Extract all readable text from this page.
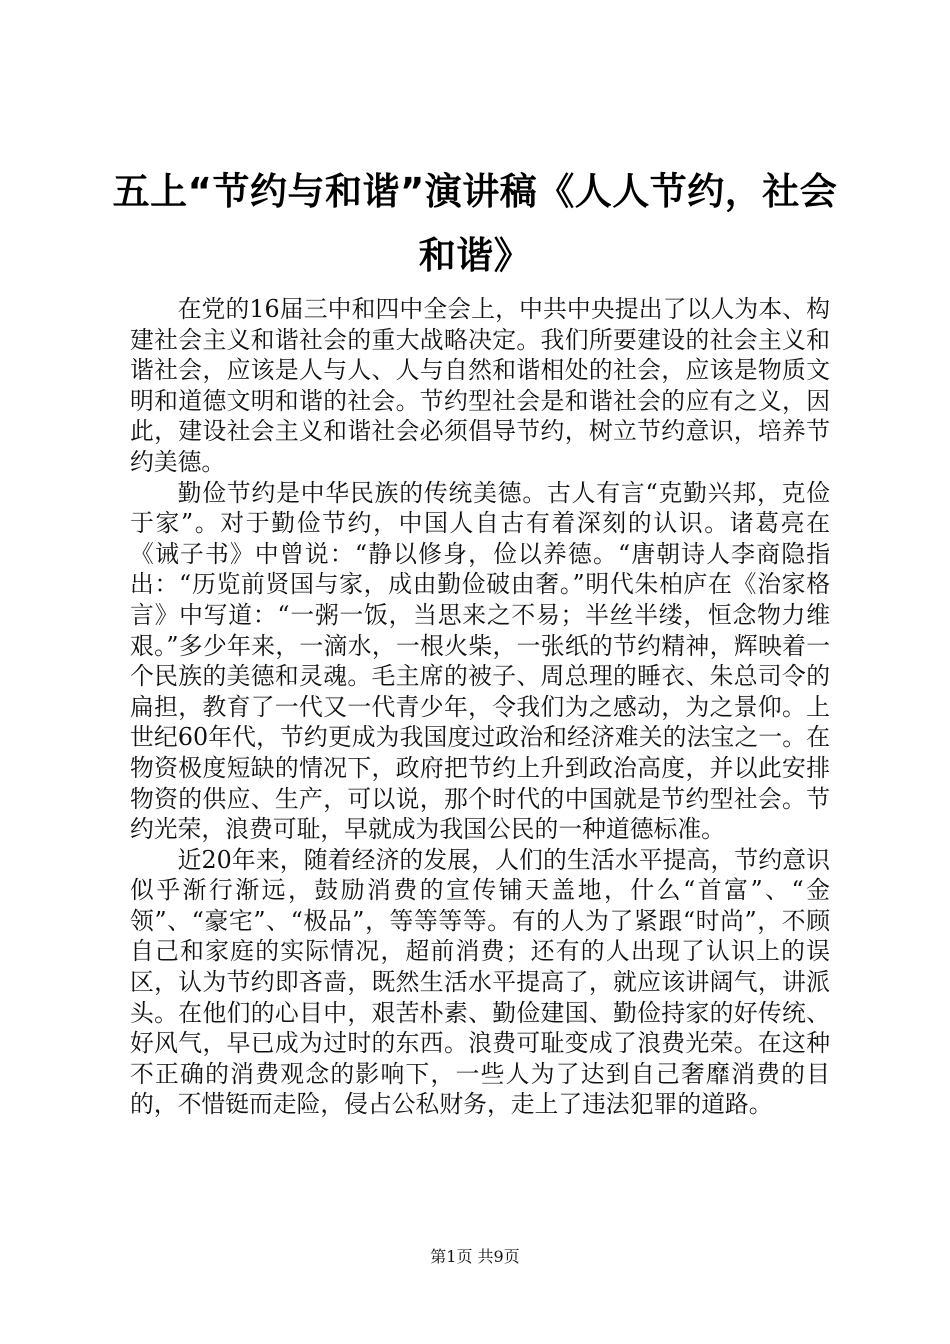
五上“节约与和谐”演讲稿《人人节约，社会和谐》

在党的16届三中和四中全会上，中共中央提出了以人为本、构建社会主义和谐社会的重大战略决定。我们所要建设的社会主义和谐社会，应该是人与人、人与自然和谐相处的社会，应该是物质文明和道德文明和谐的社会。节约型社会是和谐社会的应有之义，因此，建设社会主义和谐社会必须倡导节约，树立节约意识，培养节约美德。

勤俭节约是中华民族的传统美德。古人有言“克勤兴邦，克俭于家”。对于勤俭节约，中国人自古有着深刻的认识。诸葛亮在《诫子书》中曾说：“静以修身，俭以养德。“唐朝诗人李商隐指出：“历览前贤国与家，成由勤俭破由奢。”明代朱柏庐在《治家格言》中写道：“一粥一饭，当思来之不易；半丝半缕，恒念物力维艰。”多少年来，一滴水，一根火柴，一张纸的节约精神，辉映着一个民族的美德和灵魂。毛主席的被子、周总理的睡衣、朱总司令的扁担，教育了一代又一代青少年，令我们为之感动，为之景仰。上世纪60年代，节约更成为我国度过政治和经济难关的法宝之一。在物资极度短缺的情况下，政府把节约上升到政治高度，并以此安排物资的供应、生产，可以说，那个时代的中国就是节约型社会。节约光荣，浪费可耻，早就成为我国公民的一种道德标准。

近20年来，随着经济的发展，人们的生活水平提高，节约意识似乎渐行渐远，鼓励消费的宣传铺天盖地，什么“首富”、“金领”、“豪宅”、“极品”，等等等等。有的人为了紧跟“时尚”，不顾自己和家庭的实际情况，超前消费；还有的人出现了认识上的误区，认为节约即吝啬，既然生活水平提高了，就应该讲阔气，讲派头。在他们的心目中，艰苦朴素、勤俭建国、勤俭持家的好传统、好风气，早已成为过时的东西。浪费可耻变成了浪费光荣。在这种不正确的消费观念的影响下，一些人为了达到自己奢靡消费的目的，不惜铤而走险，侵占公私财务，走上了违法犯罪的道路。

第1页 共9页
